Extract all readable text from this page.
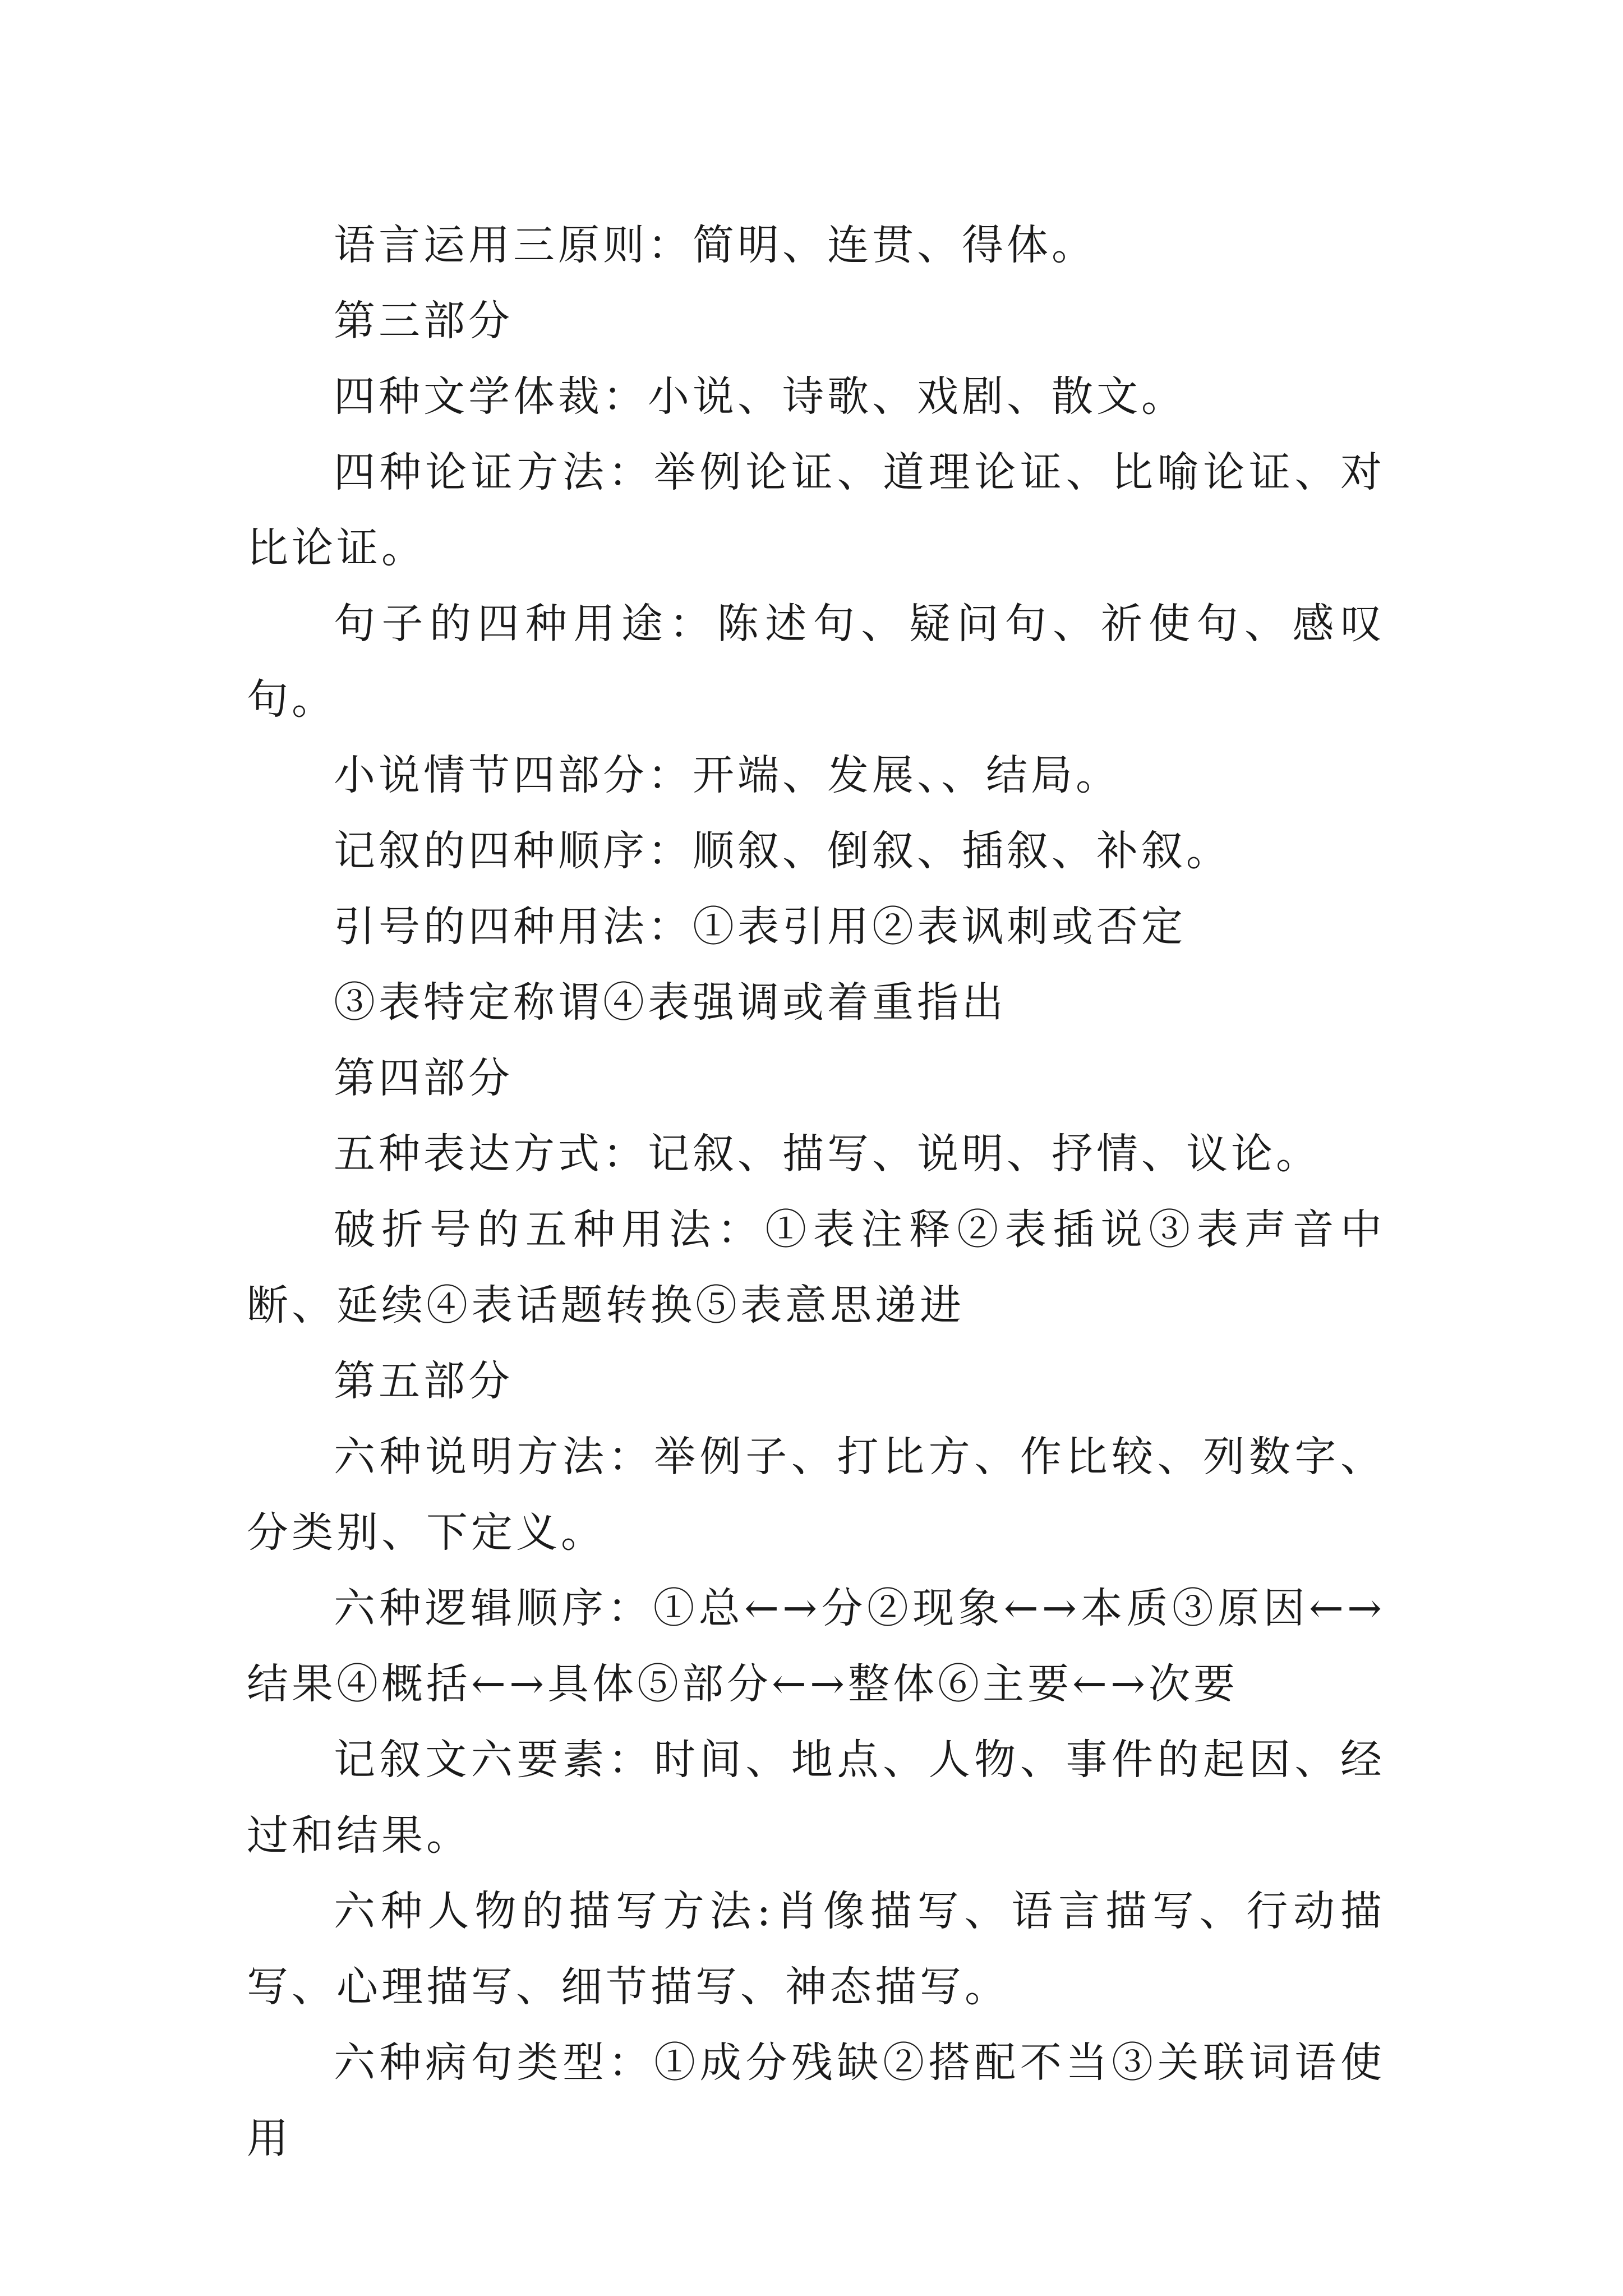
语言运用三原则：简明、连贯、得体。

第三部分

四种文学体裁：小说、诗歌、戏剧、散文。

四种论证方法：举例论证、道理论证、比喻论证、对比论证。

句子的四种用途：陈述句、疑问句、祈使句、感叹句。

小说情节四部分：开端、发展、、结局。

记叙的四种顺序：顺叙、倒叙、插叙、补叙。

引号的四种用法：①表引用②表讽刺或否定

③表特定称谓④表强调或着重指出

第四部分

五种表达方式：记叙、描写、说明、抒情、议论。

破折号的五种用法：①表注释②表插说③表声音中断、延续④表话题转换⑤表意思递进

第五部分

六种说明方法：举例子、打比方、作比较、列数字、分类别、下定义。

六种逻辑顺序：①总←→分②现象←→本质③原因←→结果④概括←→具体⑤部分←→整体⑥主要←→次要

记叙文六要素：时间、地点、人物、事件的起因、经过和结果。

六种人物的描写方法:肖像描写、语言描写、行动描写、心理描写、细节描写、神态描写。

六种病句类型：①成分残缺②搭配不当③关联词语使用
